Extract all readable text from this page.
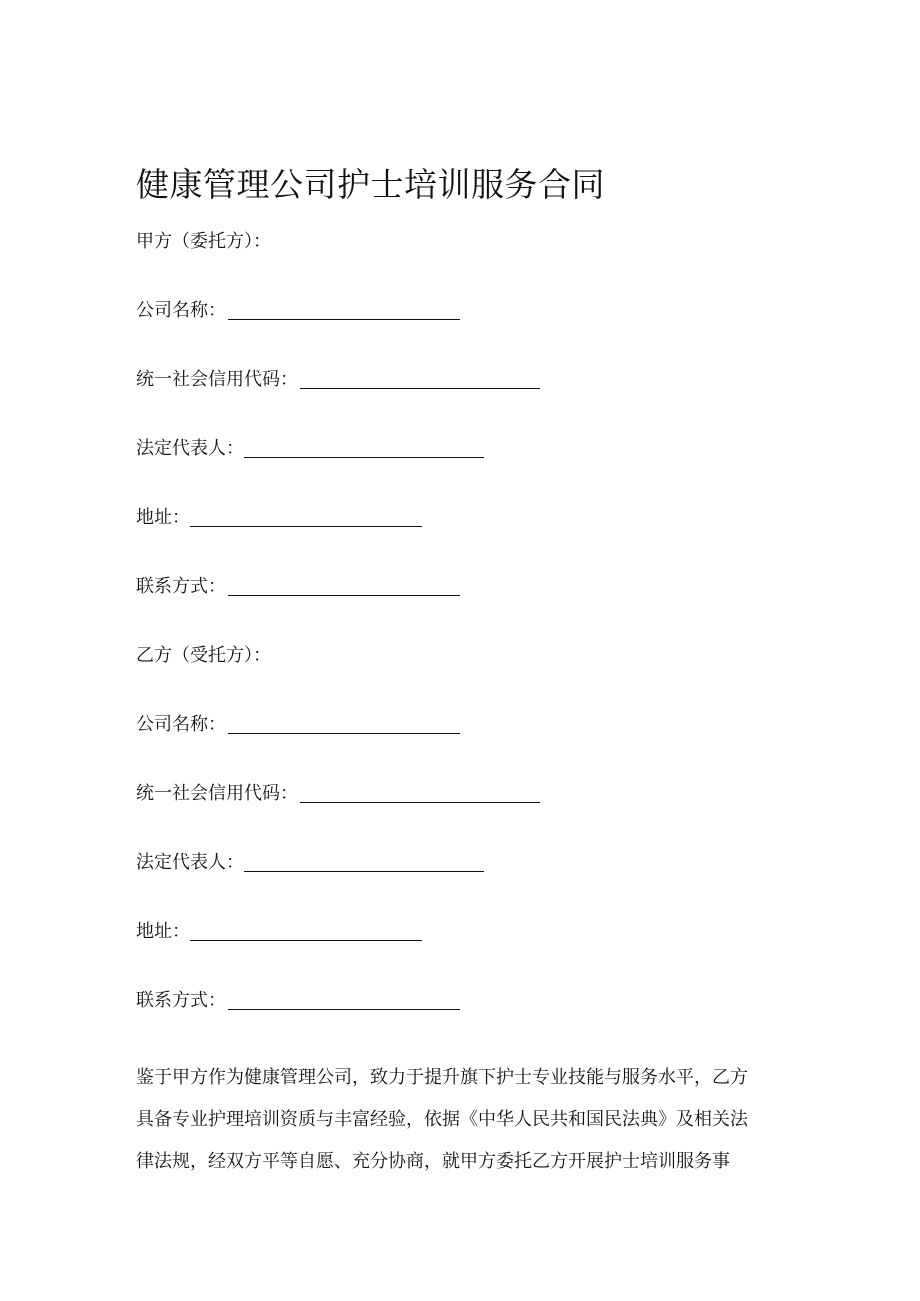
健康管理公司护士培训服务合同
甲方（委托方）：
公司名称：
统一社会信用代码：
法定代表人：
地址：
联系方式：
乙方（受托方）：
公司名称：
统一社会信用代码：
法定代表人：
地址：
联系方式：
鉴于甲方作为健康管理公司，致力于提升旗下护士专业技能与服务水平，乙方
具备专业护理培训资质与丰富经验，依据《中华人民共和国民法典》及相关法
律法规，经双方平等自愿、充分协商，就甲方委托乙方开展护士培训服务事
